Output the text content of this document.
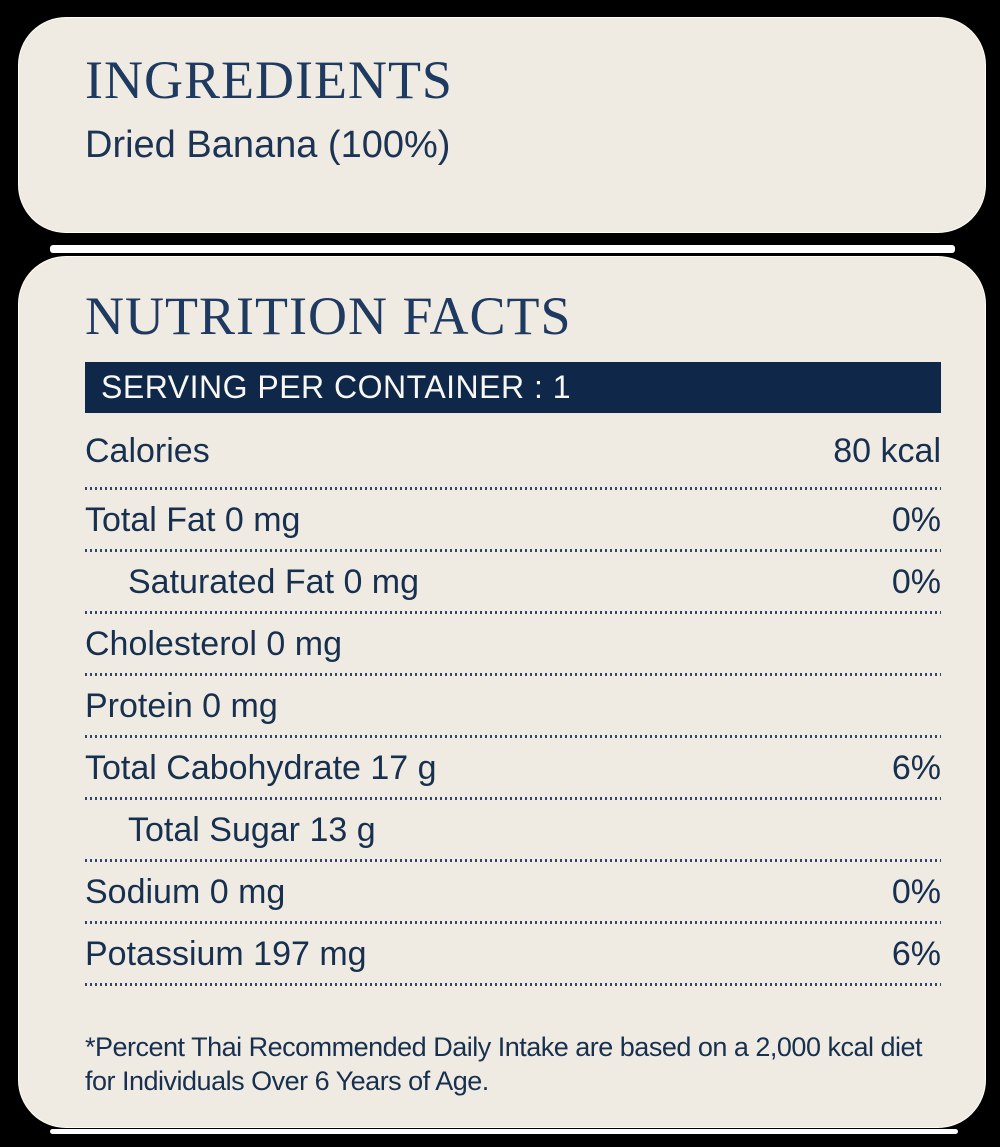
INGREDIENTS

Dried Banana (100%)

NUTRITION FACTS
SERVING PER CONTAINER : 1
Calories	80 kcal
Total Fat 0 mg	0%
Saturated Fat 0 mg	0%
Cholesterol 0 mg
Protein 0 mg
Total Cabohydrate 17 g	6%
Total Sugar 13 g
Sodium 0 mg	0%
Potassium 197 mg	6%
*Percent Thai Recommended Daily Intake are based on a 2,000 kcal diet
for Individuals Over 6 Years of Age.
